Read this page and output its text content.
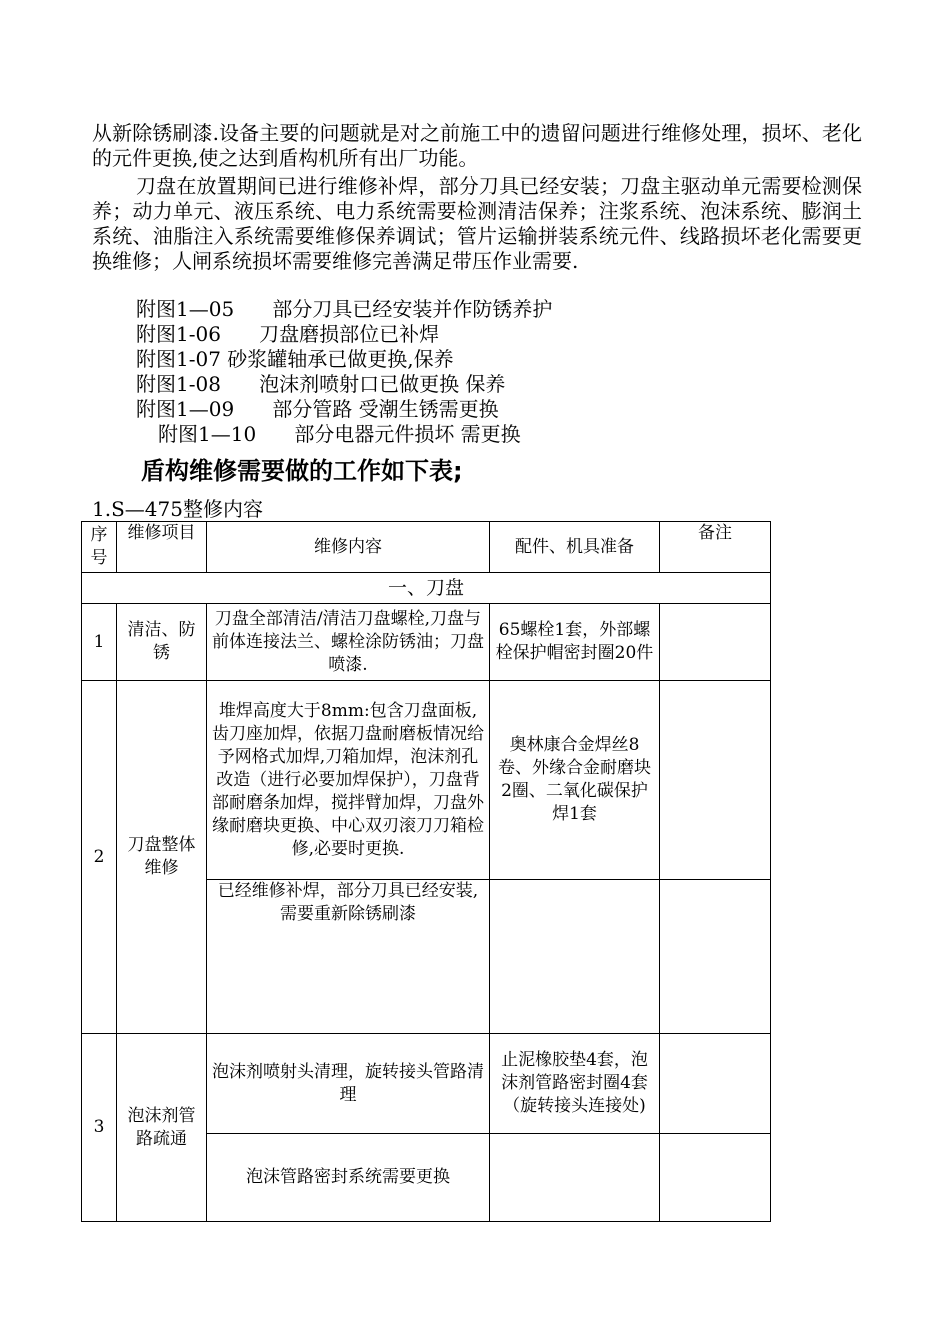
从新除锈刷漆.设备主要的问题就是对之前施工中的遗留问题进行维修处理，损坏、老化的元件更换,使之达到盾构机所有出厂功能。

刀盘在放置期间已进行维修补焊，部分刀具已经安装；刀盘主驱动单元需要检测保养；动力单元、液压系统、电力系统需要检测清洁保养；注浆系统、泡沫系统、膨润土系统、油脂注入系统需要维修保养调试；管片运输拼装系统元件、线路损坏老化需要更换维修；人闸系统损坏需要维修完善满足带压作业需要.

附图1—05      部分刀具已经安装并作防锈养护

附图1-06      刀盘磨损部位已补焊

附图1-07 砂浆罐轴承已做更换,保养

附图1-08      泡沫剂喷射口已做更换 保养

附图1—09      部分管路 受潮生锈需更换

附图1—10      部分电器元件损坏 需更换

盾构维修需要做的工作如下表;

1.S—475整修内容

序号	维修项目	维修内容	配件、机具准备	备注
一、刀盘				
1	清洁、防锈	刀盘全部清洁/清洁刀盘螺栓,刀盘与前体连接法兰、螺栓涂防锈油；刀盘喷漆.	65螺栓1套，外部螺栓保护帽密封圈20件	
2	刀盘整体维修	堆焊高度大于8mm:包含刀盘面板,齿刀座加焊，依据刀盘耐磨板情况给予网格式加焊,刀箱加焊，泡沫剂孔改造（进行必要加焊保护），刀盘背部耐磨条加焊，搅拌臂加焊，刀盘外缘耐磨块更换、中心双刃滚刀刀箱检修,必要时更换.	奥林康合金焊丝8卷、外缘合金耐磨块2圈、二氧化碳保护焊1套	
		已经维修补焊，部分刀具已经安装,需要重新除锈刷漆		
3	泡沫剂管路疏通	泡沫剂喷射头清理，旋转接头管路清理	止泥橡胶垫4套，泡沫剂管路密封圈4套（旋转接头连接处)	
		泡沫管路密封系统需要更换		
